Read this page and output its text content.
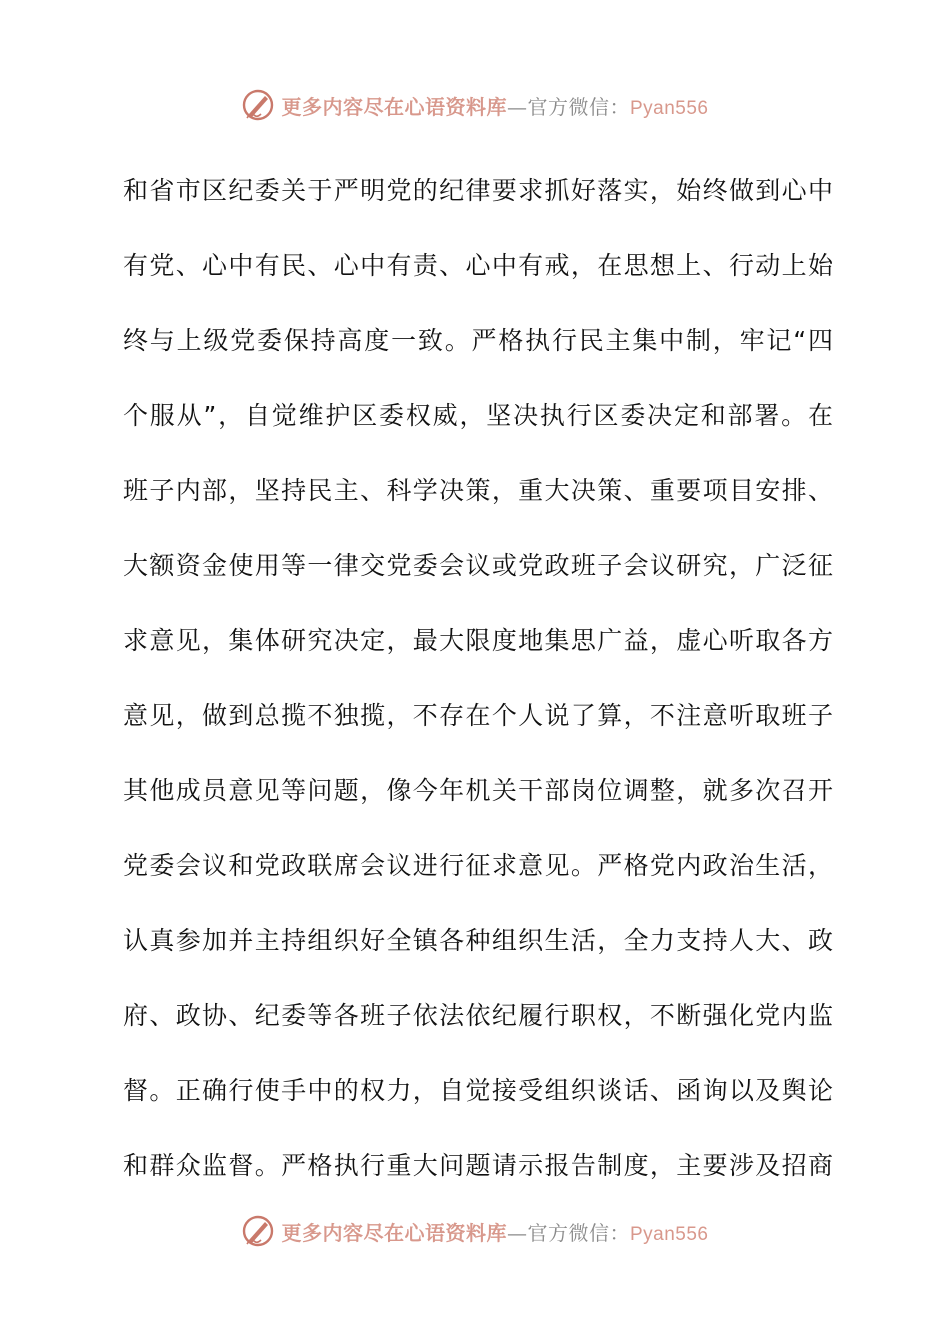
更多内容尽在心语资料库—官方微信：Pyan556
和省市区纪委关于严明党的纪律要求抓好落实，始终做到心中
有党、心中有民、心中有责、心中有戒，在思想上、行动上始
终与上级党委保持高度一致。严格执行民主集中制，牢记“四
个服从”，自觉维护区委权威，坚决执行区委决定和部署。在
班子内部，坚持民主、科学决策，重大决策、重要项目安排、
大额资金使用等一律交党委会议或党政班子会议研究，广泛征
求意见，集体研究决定，最大限度地集思广益，虚心听取各方
意见，做到总揽不独揽，不存在个人说了算，不注意听取班子
其他成员意见等问题，像今年机关干部岗位调整，就多次召开
党委会议和党政联席会议进行征求意见。严格党内政治生活，
认真参加并主持组织好全镇各种组织生活，全力支持人大、政
府、政协、纪委等各班子依法依纪履行职权，不断强化党内监
督。正确行使手中的权力，自觉接受组织谈话、函询以及舆论
和群众监督。严格执行重大问题请示报告制度，主要涉及招商
更多内容尽在心语资料库—官方微信：Pyan556
